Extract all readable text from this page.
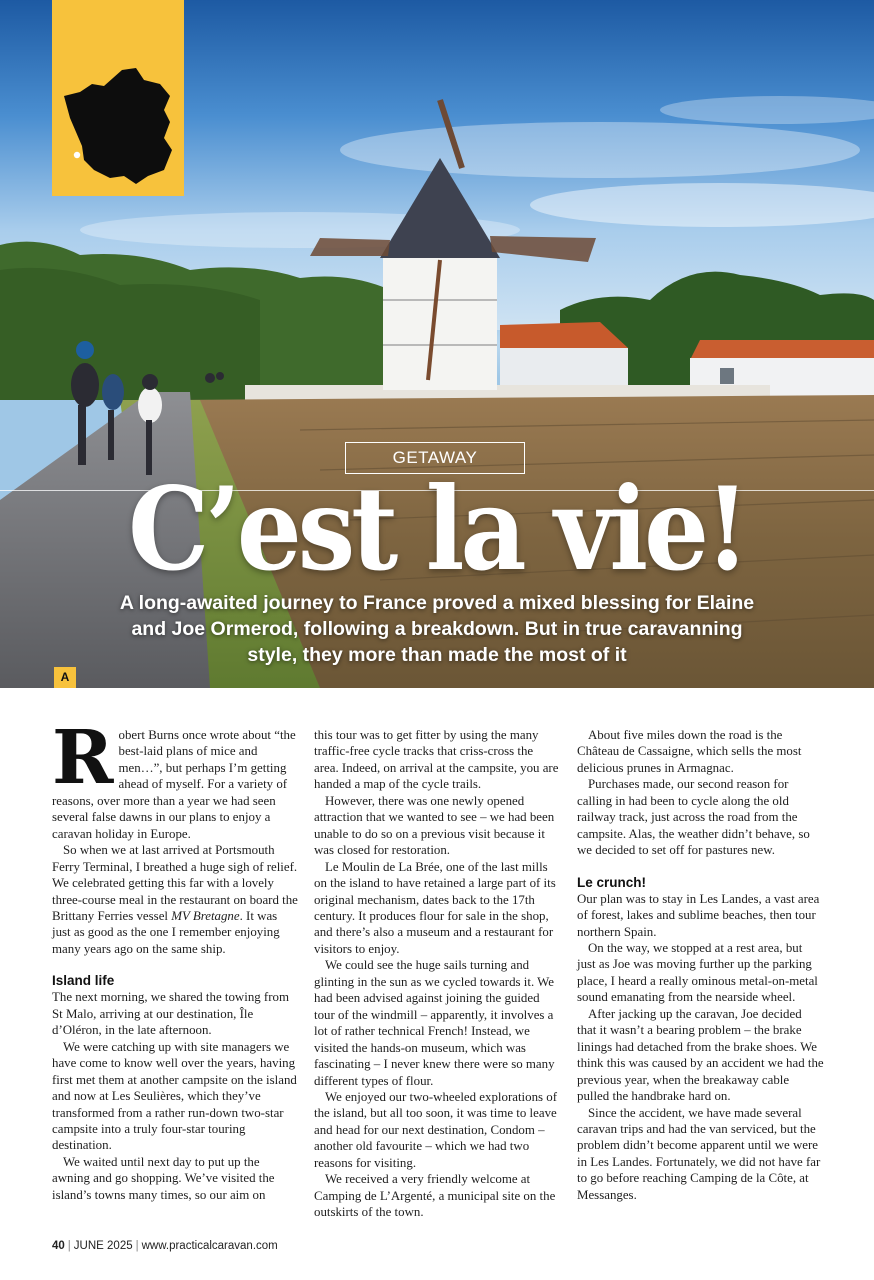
GETAWAY
C’est la vie!

A long-awaited journey to France proved a mixed blessing for Elaine and Joe Ormerod, following a breakdown. But in true caravanning style, they more than made the most of it

A

Robert Burns once wrote about “the best-laid plans of mice and men…”, but perhaps I’m getting ahead of myself. For a variety of reasons, over more than a year we had seen several false dawns in our plans to enjoy a caravan holiday in Europe.

So when we at last arrived at Portsmouth Ferry Terminal, I breathed a huge sigh of relief. We celebrated getting this far with a lovely three-course meal in the restaurant on board the Brittany Ferries vessel MV Bretagne. It was just as good as the one I remember enjoying many years ago on the same ship.

Island life

The next morning, we shared the towing from St Malo, arriving at our destination, Île d’Oléron, in the late afternoon.

We were catching up with site managers we have come to know well over the years, having first met them at another campsite on the island and now at Les Seulières, which they’ve transformed from a rather run-down two-star campsite into a truly four-star touring destination.

We waited until next day to put up the awning and go shopping. We’ve visited the island’s towns many times, so our aim on

this tour was to get fitter by using the many traffic-free cycle tracks that criss-cross the area. Indeed, on arrival at the campsite, you are handed a map of the cycle trails.

However, there was one newly opened attraction that we wanted to see – we had been unable to do so on a previous visit because it was closed for restoration.

Le Moulin de La Brée, one of the last mills on the island to have retained a large part of its original mechanism, dates back to the 17th century. It produces flour for sale in the shop, and there’s also a museum and a restaurant for visitors to enjoy.

We could see the huge sails turning and glinting in the sun as we cycled towards it. We had been advised against joining the guided tour of the windmill – apparently, it involves a lot of rather technical French! Instead, we visited the hands-on museum, which was fascinating – I never knew there were so many different types of flour.

We enjoyed our two-wheeled explorations of the island, but all too soon, it was time to leave and head for our next destination, Condom – another old favourite – which we had two reasons for visiting.

We received a very friendly welcome at Camping de L’Argenté, a municipal site on the outskirts of the town.

About five miles down the road is the Château de Cassaigne, which sells the most delicious prunes in Armagnac.

Purchases made, our second reason for calling in had been to cycle along the old railway track, just across the road from the campsite. Alas, the weather didn’t behave, so we decided to set off for pastures new.

Le crunch!

Our plan was to stay in Les Landes, a vast area of forest, lakes and sublime beaches, then tour northern Spain.

On the way, we stopped at a rest area, but just as Joe was moving further up the parking place, I heard a really ominous metal-on-metal sound emanating from the nearside wheel.

After jacking up the caravan, Joe decided that it wasn’t a bearing problem – the brake linings had detached from the brake shoes. We think this was caused by an accident we had the previous year, when the breakaway cable pulled the handbrake hard on.

Since the accident, we have made several caravan trips and had the van serviced, but the problem didn’t become apparent until we were in Les Landes. Fortunately, we did not have far to go before reaching Camping de la Côte, at Messanges.

40 | JUNE 2025 | www.practicalcaravan.com
